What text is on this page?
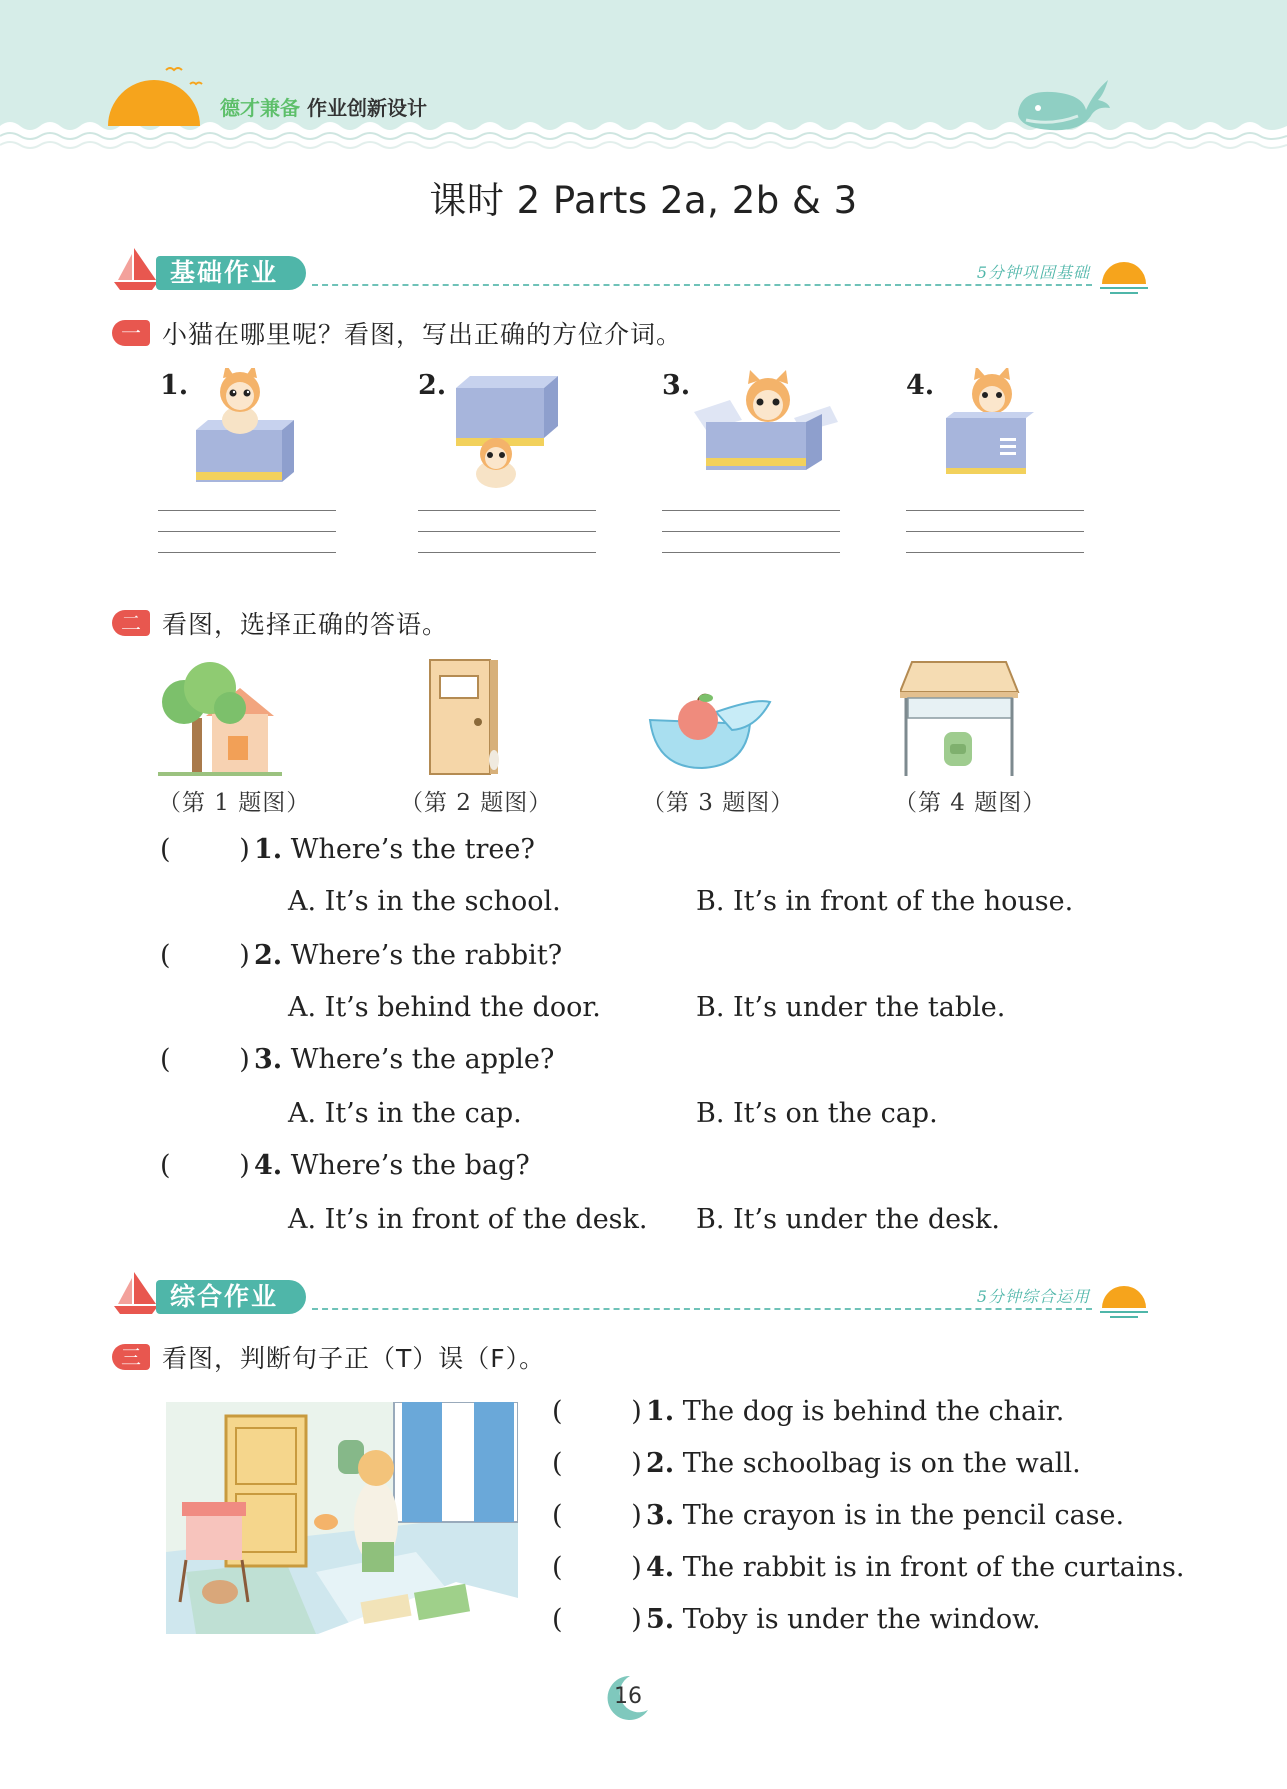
德才兼备 作业创新设计
课时 2 Parts 2a, 2b & 3
基础作业	5分钟巩固基础
一 小猫在哪里呢？看图，写出正确的方位介词。
1.	2.	3.	4.
二 看图，选择正确的答语。
（第 1 题图）	（第 2 题图）	（第 3 题图）	（第 4 题图）
(        ) 1. Where’s the tree?
A. It’s in the school.	B. It’s in front of the house.
(        ) 2. Where’s the rabbit?
A. It’s behind the door.	B. It’s under the table.
(        ) 3. Where’s the apple?
A. It’s in the cap.	B. It’s on the cap.
(        ) 4. Where’s the bag?
A. It’s in front of the desk. B. It’s under the desk.
综合作业	5分钟综合运用
三 看图，判断句子正（T）误（F）。
(        ) 1. The dog is behind the chair.
(        ) 2. The schoolbag is on the wall.
(        ) 3. The crayon is in the pencil case.
(        ) 4. The rabbit is in front of the curtains.
(        ) 5. Toby is under the window.
16
